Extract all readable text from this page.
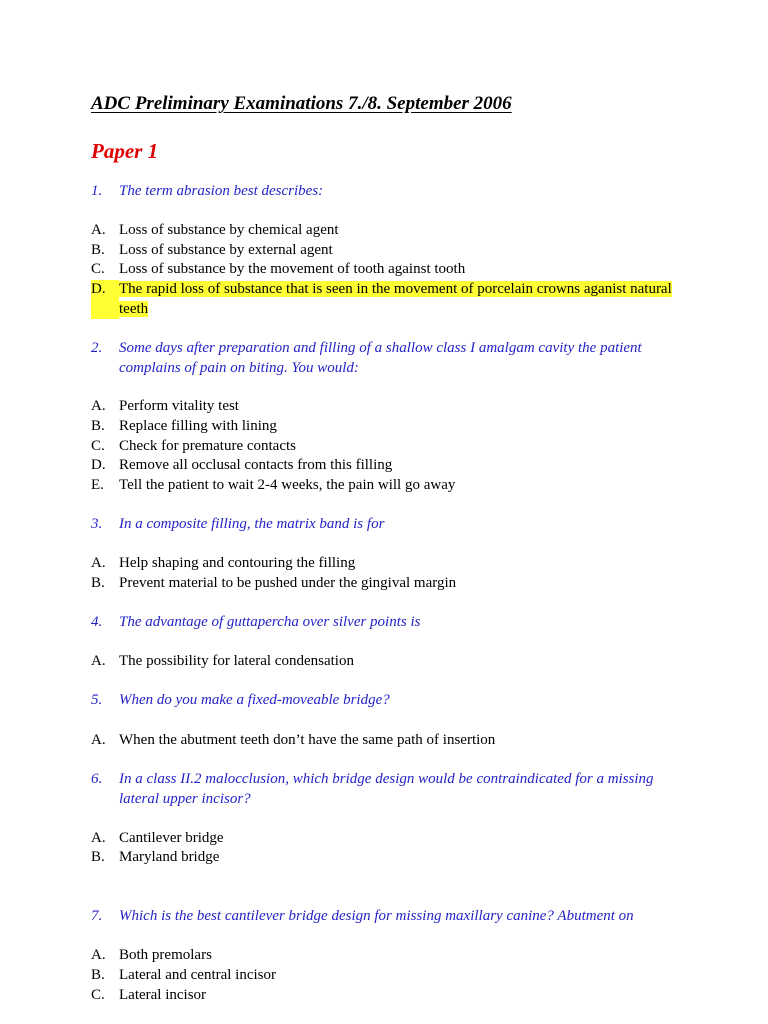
ADC Preliminary Examinations 7./8. September 2006
Paper 1
1.	The term abrasion best describes:
A. Loss of substance by chemical agent
B. Loss of substance by external agent
C. Loss of substance by the movement of tooth against tooth
D. The rapid loss of substance that is seen in the movement of porcelain crowns aganist natural teeth
2.	Some days after preparation and filling of a shallow class I amalgam cavity the patient complains of pain on biting. You would:
A. Perform vitality test
B. Replace filling with lining
C. Check for premature contacts
D. Remove all occlusal contacts from this filling
E.	Tell the patient to wait 2-4 weeks, the pain will go away
3.	In a composite filling, the matrix band is for
A. Help shaping and contouring the filling
B. Prevent material to be pushed under the gingival margin
4.	The advantage of guttapercha over silver points is
A. The possibility for lateral condensation
5.	When do you make a fixed-moveable bridge?
A. When the abutment teeth don’t have the same path of insertion
6.	In a class II.2 malocclusion, which bridge design would be contraindicated for a missing lateral upper incisor?
A. Cantilever bridge
B. Maryland bridge
7.	Which is the best cantilever bridge design for missing maxillary canine? Abutment on
A. Both premolars
B. Lateral and central incisor
C. Lateral incisor
